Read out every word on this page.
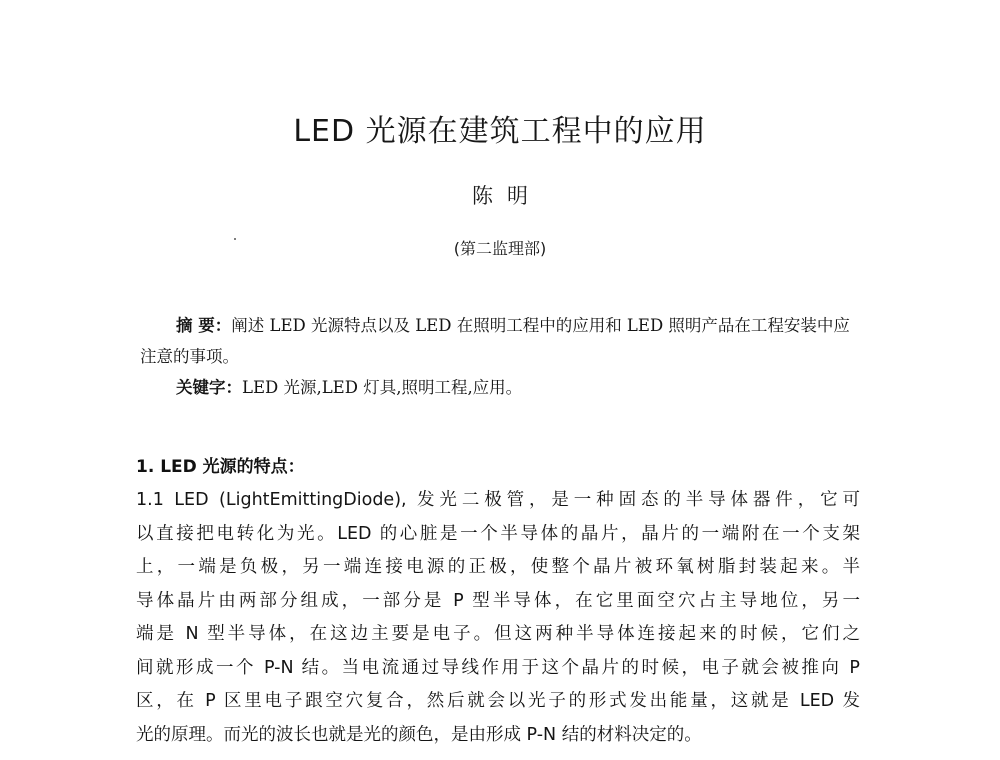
LED 光源在建筑工程中的应用
陈明
(第二监理部)

摘 要：阐述 LED 光源特点以及 LED 在照明工程中的应用和 LED 照明产品在工程安装中应注意的事项。

关键字：LED 光源,LED 灯具,照明工程,应用。

1. LED 光源的特点：
1.1 LED (LightEmittingDiode), 发光二极管，是一种固态的半导体器件，它可
以直接把电转化为光。LED 的心脏是一个半导体的晶片，晶片的一端附在一个支架
上，一端是负极，另一端连接电源的正极，使整个晶片被环氧树脂封装起来。半
导体晶片由两部分组成，一部分是 P 型半导体，在它里面空穴占主导地位，另一
端是 N 型半导体，在这边主要是电子。但这两种半导体连接起来的时候，它们之
间就形成一个 P-N 结。当电流通过导线作用于这个晶片的时候，电子就会被推向 P
区，在 P 区里电子跟空穴复合，然后就会以光子的形式发出能量，这就是 LED 发
光的原理。而光的波长也就是光的颜色，是由形成 P-N 结的材料决定的。
